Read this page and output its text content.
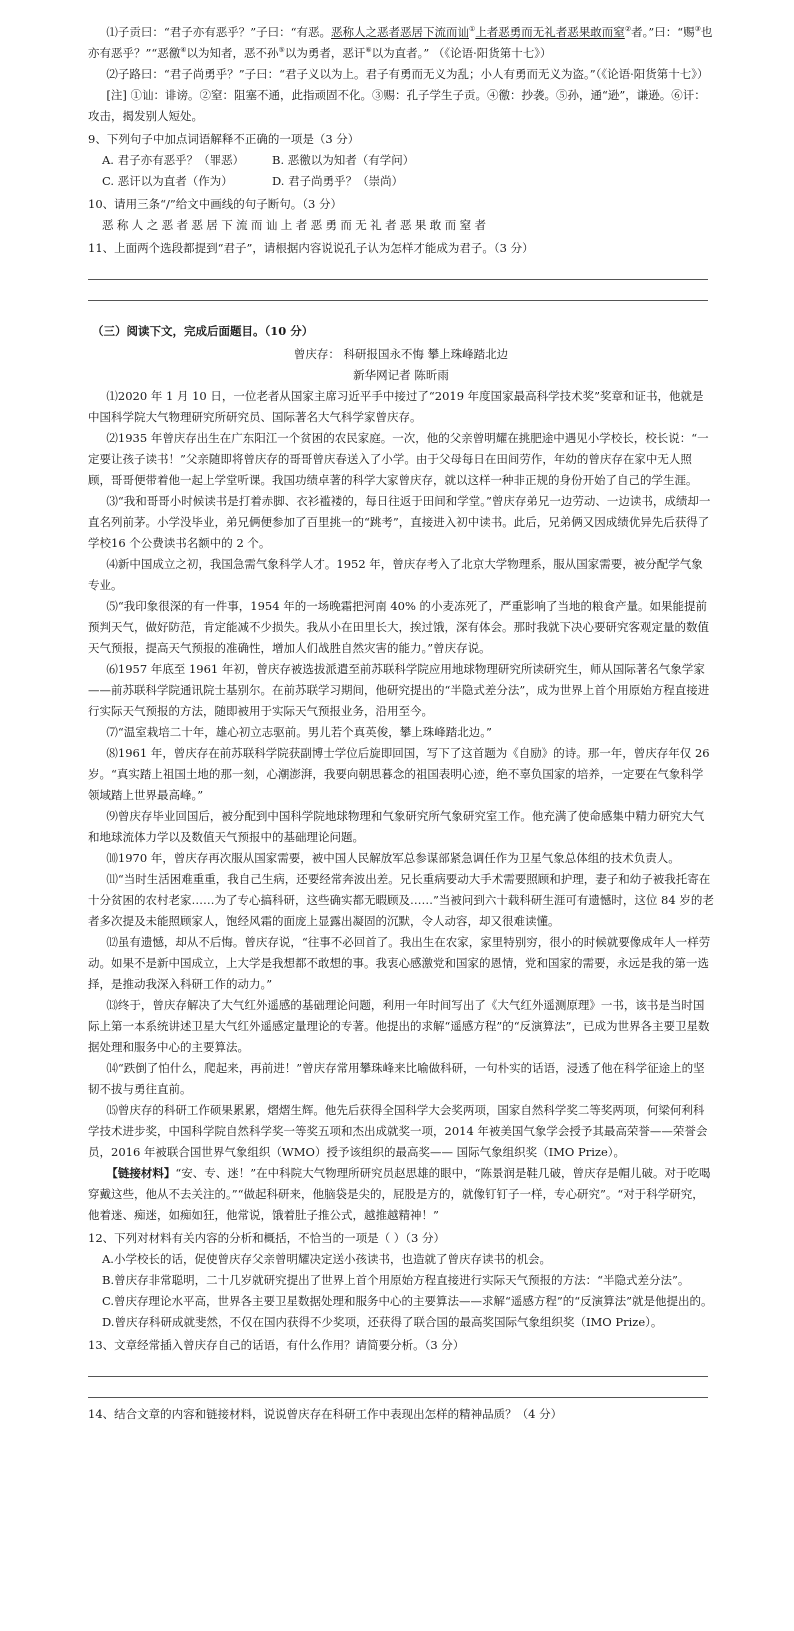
⑴子贡曰：“君子亦有恶乎？”子曰：“有恶。恶称人之恶者恶居下流而讪①上者恶勇而无礼者恶果敢而窒②者。”曰：“赐③也亦有恶乎？”“恶徼④以为知者，恶不孙⑤以为勇者，恶讦⑥以为直者。” （《论语·阳货第十七》）

⑵子路曰：“君子尚勇乎？”子曰：“君子义以为上。君子有勇而无义为乱；小人有勇而无义为盗。”（《论语·阳货第十七》）

[注] ①讪：诽谤。②窒：阻塞不通，此指顽固不化。③赐：孔子学生子贡。④徼：抄袭。⑤孙，通“逊”，谦逊。⑥讦：攻击，揭发别人短处。

9、下列句子中加点词语解释不正确的一项是（3 分）

A. 君子亦有恶乎？（罪恶）	B. 恶徼以为知者（有学问）
C. 恶讦以为直者（作为）	D. 君子尚勇乎？（崇尚）

10、请用三条“/”给文中画线的句子断句。（3 分）

恶称人之恶者恶居下流而讪上者恶勇而无礼者恶果敢而窒者

11、上面两个选段都提到“君子”，请根据内容说说孔子认为怎样才能成为君子。（3 分）

（三）阅读下文，完成后面题目。（10 分）

曾庆存： 科研报国永不悔 攀上珠峰踏北边

新华网记者 陈昕雨

⑴2020 年 1 月 10 日，一位老者从国家主席习近平手中接过了“2019 年度国家最高科学技术奖”奖章和证书，他就是中国科学院大气物理研究所研究员、国际著名大气科学家曾庆存。

⑵1935 年曾庆存出生在广东阳江一个贫困的农民家庭。一次，他的父亲曾明耀在挑肥途中遇见小学校长，校长说：“一定要让孩子读书！”父亲随即将曾庆存的哥哥曾庆春送入了小学。由于父母每日在田间劳作，年幼的曾庆存在家中无人照顾，哥哥便带着他一起上学堂听课。我国功绩卓著的科学大家曾庆存，就以这样一种非正规的身份开始了自己的学生涯。

⑶“我和哥哥小时候读书是打着赤脚、衣衫褴褛的，每日往返于田间和学堂。”曾庆存弟兄一边劳动、一边读书，成绩却一直名列前茅。小学没毕业，弟兄俩便参加了百里挑一的“跳考”，直接进入初中读书。此后，兄弟俩又因成绩优异先后获得了学校16 个公费读书名额中的 2 个。

⑷新中国成立之初，我国急需气象科学人才。1952 年，曾庆存考入了北京大学物理系，服从国家需要，被分配学气象专业。

⑸“我印象很深的有一件事，1954 年的一场晚霜把河南 40% 的小麦冻死了，严重影响了当地的粮食产量。如果能提前预判天气，做好防范，肯定能减不少损失。我从小在田里长大，挨过饿，深有体会。那时我就下决心要研究客观定量的数值天气预报，提高天气预报的准确性，增加人们战胜自然灾害的能力。”曾庆存说。

⑹1957 年底至 1961 年初，曾庆存被选拔派遣至前苏联科学院应用地球物理研究所读研究生，师从国际著名气象学家——前苏联科学院通讯院士基别尔。在前苏联学习期间，他研究提出的“半隐式差分法”，成为世界上首个用原始方程直接进行实际天气预报的方法，随即被用于实际天气预报业务，沿用至今。

⑺“温室栽培二十年，雄心初立志驱前。男儿若个真英俊，攀上珠峰踏北边。”

⑻1961 年，曾庆存在前苏联科学院获副博士学位后旋即回国，写下了这首题为《自励》的诗。那一年，曾庆存年仅 26 岁。“真实踏上祖国土地的那一刻，心潮澎湃，我要向朝思暮念的祖国表明心迹，绝不辜负国家的培养，一定要在气象科学领域踏上世界最高峰。”

⑼曾庆存毕业回国后，被分配到中国科学院地球物理和气象研究所气象研究室工作。他充满了使命感集中精力研究大气和地球流体力学以及数值天气预报中的基础理论问题。

⑽1970 年，曾庆存再次服从国家需要，被中国人民解放军总参谋部紧急调任作为卫星气象总体组的技术负责人。

⑾“当时生活困难重重，我自己生病，还要经常奔波出差。兄长重病要动大手术需要照顾和护理，妻子和幼子被我托寄在十分贫困的农村老家……为了专心搞科研，这些确实都无暇顾及……”当被问到六十载科研生涯可有遗憾时，这位 84 岁的老者多次提及未能照顾家人，饱经风霜的面庞上显露出凝固的沉默，令人动容，却又很难读懂。

⑿虽有遗憾，却从不后悔。曾庆存说，“往事不必回首了。我出生在农家，家里特别穷，很小的时候就要像成年人一样劳动。如果不是新中国成立，上大学是我想都不敢想的事。我衷心感激党和国家的恩情，党和国家的需要，永远是我的第一选择，是推动我深入科研工作的动力。”

⒀终于，曾庆存解决了大气红外遥感的基础理论问题，利用一年时间写出了《大气红外遥测原理》一书，该书是当时国际上第一本系统讲述卫星大气红外遥感定量理论的专著。他提出的求解“遥感方程”的“反演算法”，已成为世界各主要卫星数据处理和服务中心的主要算法。

⒁“跌倒了怕什么，爬起来，再前进！”曾庆存常用攀珠峰来比喻做科研，一句朴实的话语，浸透了他在科学征途上的坚韧不拔与勇往直前。

⒂曾庆存的科研工作硕果累累，熠熠生辉。他先后获得全国科学大会奖两项，国家自然科学奖二等奖两项，何梁何利科学技术进步奖，中国科学院自然科学奖一等奖五项和杰出成就奖一项，2014 年被美国气象学会授予其最高荣誉——荣誉会员，2016 年被联合国世界气象组织（WMO）授予该组织的最高奖—— 国际气象组织奖（IMO Prize）。

【链接材料】“安、专、迷！”在中科院大气物理所研究员赵思雄的眼中，“陈景润是鞋几破，曾庆存是帽儿破。对于吃喝穿戴这些，他从不去关注的。”“做起科研来，他脑袋是尖的，屁股是方的，就像钉钉子一样，专心研究”。“对于科学研究，他着迷、痴迷，如痴如狂，他常说，饿着肚子推公式，越推越精神！”

12、下列对材料有关内容的分析和概括，不恰当的一项是（ ）（3 分）

A.小学校长的话，促使曾庆存父亲曾明耀决定送小孩读书，也造就了曾庆存读书的机会。

B.曾庆存非常聪明，二十几岁就研究提出了世界上首个用原始方程直接进行实际天气预报的方法：“半隐式差分法”。

C.曾庆存理论水平高，世界各主要卫星数据处理和服务中心的主要算法——求解“遥感方程”的“反演算法”就是他提出的。

D.曾庆存科研成就斐然，不仅在国内获得不少奖项，还获得了联合国的最高奖国际气象组织奖（IMO Prize）。

13、文章经常插入曾庆存自己的话语，有什么作用？请简要分析。（3 分）

14、结合文章的内容和链接材料，说说曾庆存在科研工作中表现出怎样的精神品质？（4 分）
